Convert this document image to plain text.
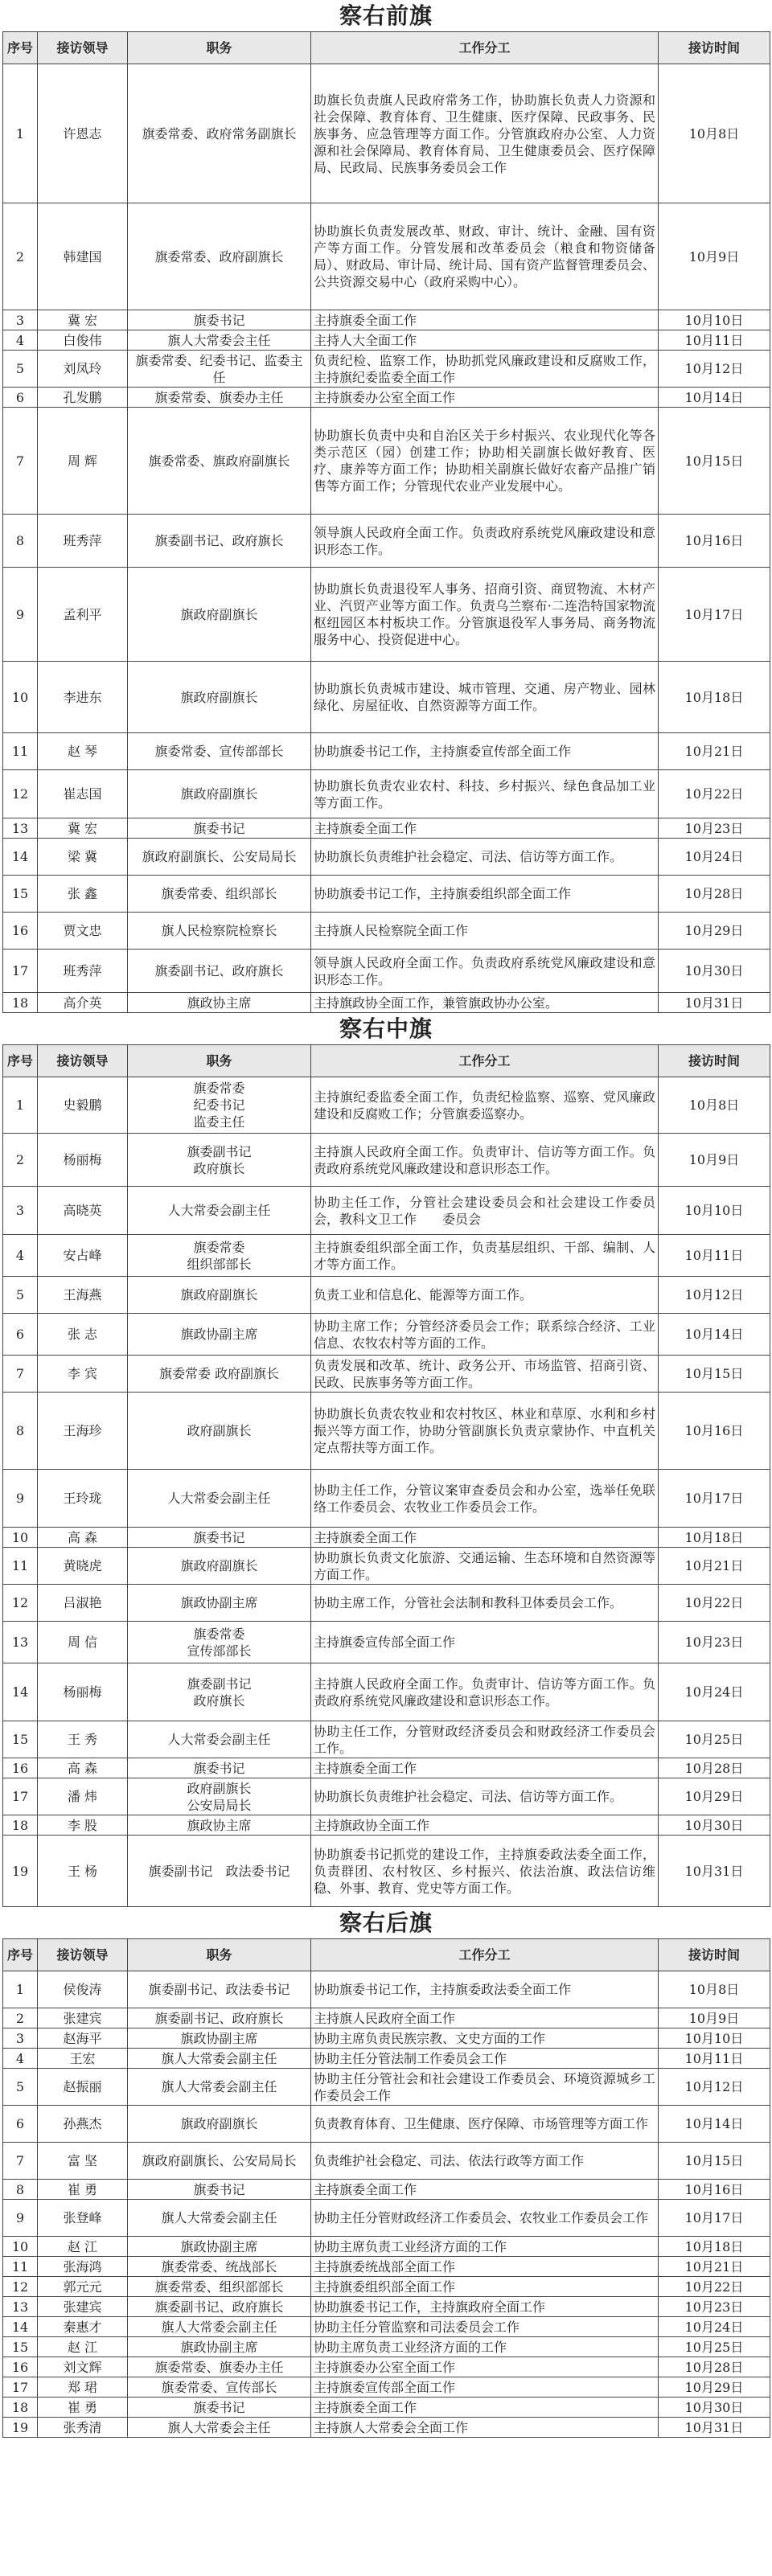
察右前旗
序号	接访领导	职务	工作分工	接访时间
1	许恩志	旗委常委、政府常务副旗长	助旗长负责旗人民政府常务工作，协助旗长负责人力资源和社会保障、教育体育、卫生健康、医疗保障、民政事务、民族事务、应急管理等方面工作。分管旗政府办公室、人力资源和社会保障局、教育体育局、卫生健康委员会、医疗保障局、民政局、民族事务委员会工作	10月8日
2	韩建国	旗委常委、政府副旗长	协助旗长负责发展改革、财政、审计、统计、金融、国有资产等方面工作。分管发展和改革委员会（粮食和物资储备局）、财政局、审计局、统计局、国有资产监督管理委员会、公共资源交易中心（政府采购中心）。	10月9日
3	冀 宏	旗委书记	主持旗委全面工作	10月10日
4	白俊伟	旗人大常委会主任	主持人大全面工作	10月11日
5	刘凤玲	旗委常委、纪委书记、监委主任	负责纪检、监察工作，协助抓党风廉政建设和反腐败工作，主持旗纪委监委全面工作	10月12日
6	孔发鹏	旗委常委、旗委办主任	主持旗委办公室全面工作	10月14日
7	周 辉	旗委常委、旗政府副旗长	协助旗长负责中央和自治区关于乡村振兴、农业现代化等各类示范区（园）创建工作；协助相关副旗长做好教育、医疗、康养等方面工作；协助相关副旗长做好农畜产品推广销售等方面工作；分管现代农业产业发展中心。	10月15日
8	班秀萍	旗委副书记、政府旗长	领导旗人民政府全面工作。负责政府系统党风廉政建设和意识形态工作。	10月16日
9	孟利平	旗政府副旗长	协助旗长负责退役军人事务、招商引资、商贸物流、木材产业、汽贸产业等方面工作。负责乌兰察布·二连浩特国家物流枢纽园区本村板块工作。分管旗退役军人事务局、商务物流服务中心、投资促进中心。	10月17日
10	李进东	旗政府副旗长	协助旗长负责城市建设、城市管理、交通、房产物业、园林绿化、房屋征收、自然资源等方面工作。	10月18日
11	赵 琴	旗委常委、宣传部部长	协助旗委书记工作，主持旗委宣传部全面工作	10月21日
12	崔志国	旗政府副旗长	协助旗长负责农业农村、科技、乡村振兴、绿色食品加工业等方面工作。	10月22日
13	冀 宏	旗委书记	主持旗委全面工作	10月23日
14	梁 冀	旗政府副旗长、公安局局长	协助旗长负责维护社会稳定、司法、信访等方面工作。	10月24日
15	张 鑫	旗委常委、组织部长	协助旗委书记工作，主持旗委组织部全面工作	10月28日
16	贾文忠	旗人民检察院检察长	主持旗人民检察院全面工作	10月29日
17	班秀萍	旗委副书记、政府旗长	领导旗人民政府全面工作。负责政府系统党风廉政建设和意识形态工作。	10月30日
18	高介英	旗政协主席	主持旗政协全面工作，兼管旗政协办公室。	10月31日
察右中旗
序号	接访领导	职务	工作分工	接访时间
1	史毅鹏	旗委常委
纪委书记
监委主任	主持旗纪委监委全面工作，负责纪检监察、巡察、党风廉政建设和反腐败工作；分管旗委巡察办。	10月8日
2	杨丽梅	旗委副书记
政府旗长	主持旗人民政府全面工作。负责审计、信访等方面工作。负责政府系统党风廉政建设和意识形态工作。	10月9日
3	高晓英	人大常委会副主任	协助主任工作，分管社会建设委员会和社会建设工作委员会，教科文卫工作　　委员会	10月10日
4	安占峰	旗委常委
组织部部长	主持旗委组织部全面工作，负责基层组织、干部、编制、人才等方面工作。	10月11日
5	王海燕	旗政府副旗长	负责工业和信息化、能源等方面工作。	10月12日
6	张 志	旗政协副主席	协助主席工作；分管经济委员会工作；联系综合经济、工业信息、农牧农村等方面的工作。	10月14日
7	李 宾	旗委常委 政府副旗长	负责发展和改革、统计、政务公开、市场监管、招商引资、民政、民族事务等方面工作。	10月15日
8	王海珍	政府副旗长	协助旗长负责农牧业和农村牧区、林业和草原、水利和乡村振兴等方面工作，协助分管副旗长负责京蒙协作、中直机关定点帮扶等方面工作。	10月16日
9	王玲珑	人大常委会副主任	协助主任工作，分管议案审查委员会和办公室，选举任免联络工作委员会、农牧业工作委员会工作。	10月17日
10	高 森	旗委书记	主持旗委全面工作	10月18日
11	黄晓虎	旗政府副旗长	协助旗长负责文化旅游、交通运输、生态环境和自然资源等方面工作。	10月21日
12	吕淑艳	旗政协副主席	协助主席工作，分管社会法制和教科卫体委员会工作。	10月22日
13	周 信	旗委常委
宣传部部长	主持旗委宣传部全面工作	10月23日
14	杨丽梅	旗委副书记
政府旗长	主持旗人民政府全面工作。负责审计、信访等方面工作。负责政府系统党风廉政建设和意识形态工作。	10月24日
15	王 秀	人大常委会副主任	协助主任工作，分管财政经济委员会和财政经济工作委员会工作。	10月25日
16	高 森	旗委书记	主持旗委全面工作	10月28日
17	潘 炜	政府副旗长
公安局局长	协助旗长负责维护社会稳定、司法、信访等方面工作。	10月29日
18	李 股	旗政协主席	主持旗政协全面工作	10月30日
19	王 杨	旗委副书记　政法委书记	协助旗委书记抓党的建设工作，主持旗委政法委全面工作，负责群团、农村牧区、乡村振兴、依法治旗、政法信访维稳、外事、教育、党史等方面工作。	10月31日
察右后旗
序号	接访领导	职务	工作分工	接访时间
1	侯俊涛	旗委副书记、政法委书记	协助旗委书记工作，主持旗委政法委全面工作	10月8日
2	张建宾	旗委副书记、政府旗长	主持旗人民政府全面工作	10月9日
3	赵海平	旗政协副主席	协助主席负责民族宗教、文史方面的工作	10月10日
4	王宏	旗人大常委会副主任	协助主任分管法制工作委员会工作	10月11日
5	赵振丽	旗人大常委会副主任	协助主任分管社会和社会建设工作委员会、环境资源城乡工作委员会工作	10月12日
6	孙燕杰	旗政府副旗长	负责教育体育、卫生健康、医疗保障、市场管理等方面工作	10月14日
7	富 坚	旗政府副旗长、公安局局长	负责维护社会稳定、司法、依法行政等方面工作	10月15日
8	崔 勇	旗委书记	主持旗委全面工作	10月16日
9	张登峰	旗人大常委会副主任	协助主任分管财政经济工作委员会、农牧业工作委员会工作	10月17日
10	赵 江	旗政协副主席	协助主席负责工业经济方面的工作	10月18日
11	张海鸿	旗委常委、统战部长	主持旗委统战部全面工作	10月21日
12	郭元元	旗委常委、组织部部长	主持旗委组织部全面工作	10月22日
13	张建宾	旗委副书记、政府旗长	协助旗委书记工作，主持旗政府全面工作	10月23日
14	秦惠才	旗人大常委会副主任	协助主任分管监察和司法委员会工作	10月24日
15	赵 江	旗政协副主席	协助主席负责工业经济方面的工作	10月25日
16	刘文辉	旗委常委、旗委办主任	主持旗委办公室全面工作	10月28日
17	郑 珺	旗委常委、宣传部长	主持旗委宣传部全面工作	10月29日
18	崔 勇	旗委书记	主持旗委全面工作	10月30日
19	张秀清	旗人大常委会主任	主持旗人大常委会全面工作	10月31日
